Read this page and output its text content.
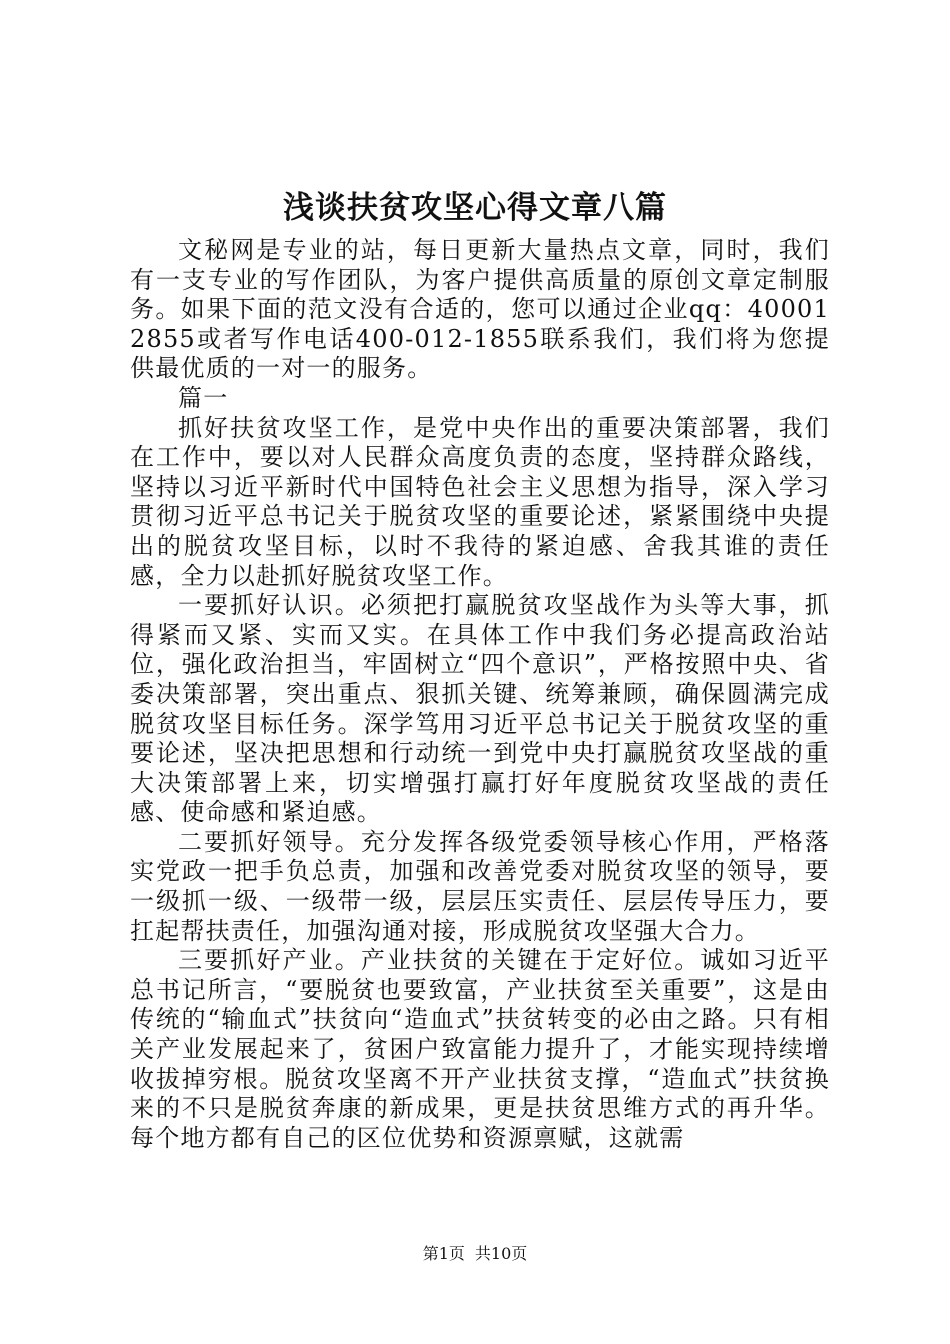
浅谈扶贫攻坚心得文章八篇

文秘网是专业的站，每日更新大量热点文章，同时，我们有一支专业的写作团队，为客户提供高质量的原创文章定制服务。如果下面的范文没有合适的，您可以通过企业qq：400012855或者写作电话400-012-1855联系我们，我们将为您提供最优质的一对一的服务。

篇一

抓好扶贫攻坚工作，是党中央作出的重要决策部署，我们在工作中，要以对人民群众高度负责的态度，坚持群众路线，坚持以习近平新时代中国特色社会主义思想为指导，深入学习贯彻习近平总书记关于脱贫攻坚的重要论述，紧紧围绕中央提出的脱贫攻坚目标，以时不我待的紧迫感、舍我其谁的责任感，全力以赴抓好脱贫攻坚工作。

一要抓好认识。必须把打赢脱贫攻坚战作为头等大事，抓得紧而又紧、实而又实。在具体工作中我们务必提高政治站位，强化政治担当，牢固树立“四个意识”，严格按照中央、省委决策部署，突出重点、狠抓关键、统筹兼顾，确保圆满完成脱贫攻坚目标任务。深学笃用习近平总书记关于脱贫攻坚的重要论述，坚决把思想和行动统一到党中央打赢脱贫攻坚战的重大决策部署上来，切实增强打赢打好年度脱贫攻坚战的责任感、使命感和紧迫感。

二要抓好领导。充分发挥各级党委领导核心作用，严格落实党政一把手负总责，加强和改善党委对脱贫攻坚的领导，要一级抓一级、一级带一级，层层压实责任、层层传导压力，要扛起帮扶责任，加强沟通对接，形成脱贫攻坚强大合力。

三要抓好产业。产业扶贫的关键在于定好位。诚如习近平总书记所言，“要脱贫也要致富，产业扶贫至关重要”，这是由传统的“输血式”扶贫向“造血式”扶贫转变的必由之路。只有相关产业发展起来了，贫困户致富能力提升了，才能实现持续增收拔掉穷根。脱贫攻坚离不开产业扶贫支撑，“造血式”扶贫换来的不只是脱贫奔康的新成果，更是扶贫思维方式的再升华。每个地方都有自己的区位优势和资源禀赋，这就需

第1页 共10页
